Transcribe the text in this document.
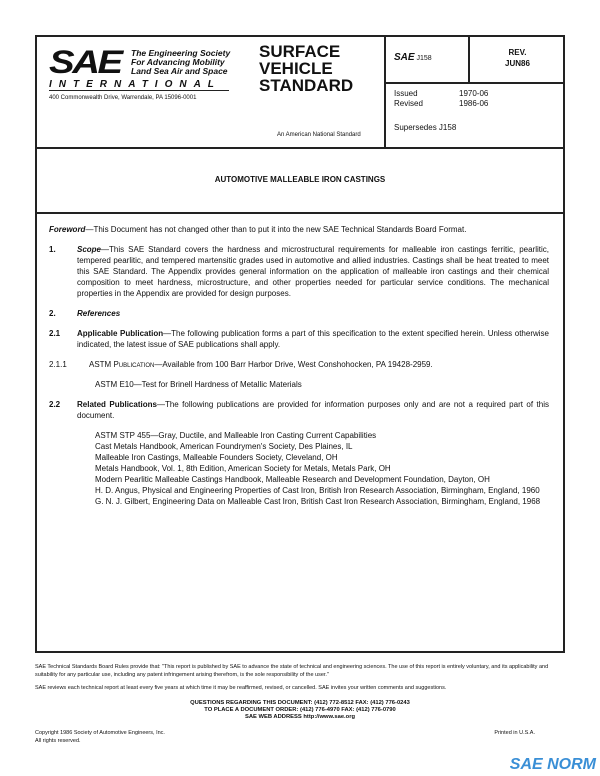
SAE The Engineering Society
For Advancing Mobility
Land Sea Air and Space
INTERNATIONAL
400 Commonwealth Drive, Warrendale, PA 15096-0001
SURFACE
VEHICLE
STANDARD
An American National Standard
SAE J158
REV.
JUN86
Issued	1970-06
Revised	1986-06
Supersedes J158
AUTOMOTIVE MALLEABLE IRON CASTINGS
Foreword—This Document has not changed other than to put it into the new SAE Technical Standards Board Format.
1.	Scope—This SAE Standard covers the hardness and microstructural requirements for malleable iron castings ferritic, pearlitic, tempered pearlitic, and tempered martensitic grades used in automotive and allied industries. Castings shall be heat treated to meet this SAE Standard. The Appendix provides general information on the application of malleable iron castings and their chemical composition to meet hardness, microstructure, and other properties needed for particular service conditions. The mechanical properties in the Appendix are provided for design purposes.
2.	References
2.1 Applicable Publication—The following publication forms a part of this specification to the extent specified herein. Unless otherwise indicated, the latest issue of SAE publications shall apply.
2.1.1	ASTM Publication—Available from 100 Barr Harbor Drive, West Conshohocken, PA 19428-2959.
ASTM E10—Test for Brinell Hardness of Metallic Materials
2.2 Related Publications—The following publications are provided for information purposes only and are not a required part of this document.
ASTM STP 455—Gray, Ductile, and Malleable Iron Casting Current Capabilities
Cast Metals Handbook, American Foundrymen's Society, Des Plaines, IL
Malleable Iron Castings, Malleable Founders Society, Cleveland, OH
Metals Handbook, Vol. 1, 8th Edition, American Society for Metals, Metals Park, OH
Modern Pearlitic Malleable Castings Handbook, Malleable Research and Development Foundation, Dayton, OH
H. D. Angus, Physical and Engineering Properties of Cast Iron, British Iron Research Association, Birmingham, England, 1960
G. N. J. Gilbert, Engineering Data on Malleable Cast Iron, British Cast Iron Research Association, Birmingham, England, 1968
SAE Technical Standards Board Rules provide that: "This report is published by SAE to advance the state of technical and engineering sciences. The use of this report is entirely voluntary, and its applicability and suitability for any particular use, including any patent infringement arising therefrom, is the sole responsibility of the user."
SAE reviews each technical report at least every five years at which time it may be reaffirmed, revised, or cancelled. SAE invites your written comments and suggestions.
QUESTIONS REGARDING THIS DOCUMENT: (412) 772-8512 FAX: (412) 776-0243
TO PLACE A DOCUMENT ORDER: (412) 776-4970 FAX: (412) 776-0790
SAE WEB ADDRESS http://www.sae.org
Copyright 1986 Society of Automotive Engineers, Inc.
All rights reserved.
Printed in U.S.A.
SAE NORM
